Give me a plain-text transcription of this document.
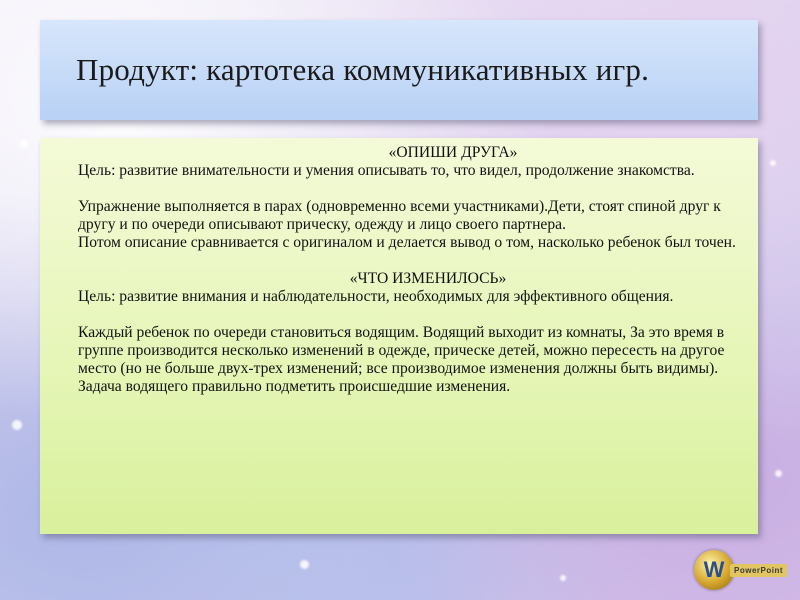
Продукт: картотека коммуникативных игр.
«ОПИШИ ДРУГА»

Цель: развитие внимательности и умения описывать то, что видел, продолжение знакомства.

Упражнение выполняется в парах (одновременно всеми участниками).Дети, стоят спиной друг к другу и по очереди описывают прическу, одежду и лицо своего партнера.

Потом описание сравнивается с оригиналом и делается вывод о том, насколько ребенок был точен.

«ЧТО ИЗМЕНИЛОСЬ»

Цель: развитие внимания и наблюдательности, необходимых для эффективного общения.

Каждый ребенок по очереди становиться водящим. Водящий выходит из комнаты, За это время в группе производится несколько изменений в одежде, прическе детей, можно пересесть на другое место (но не больше двух-трех изменений; все производимое изменения должны быть видимы). Задача водящего правильно подметить происшедшие изменения.

W	PowerPoint
